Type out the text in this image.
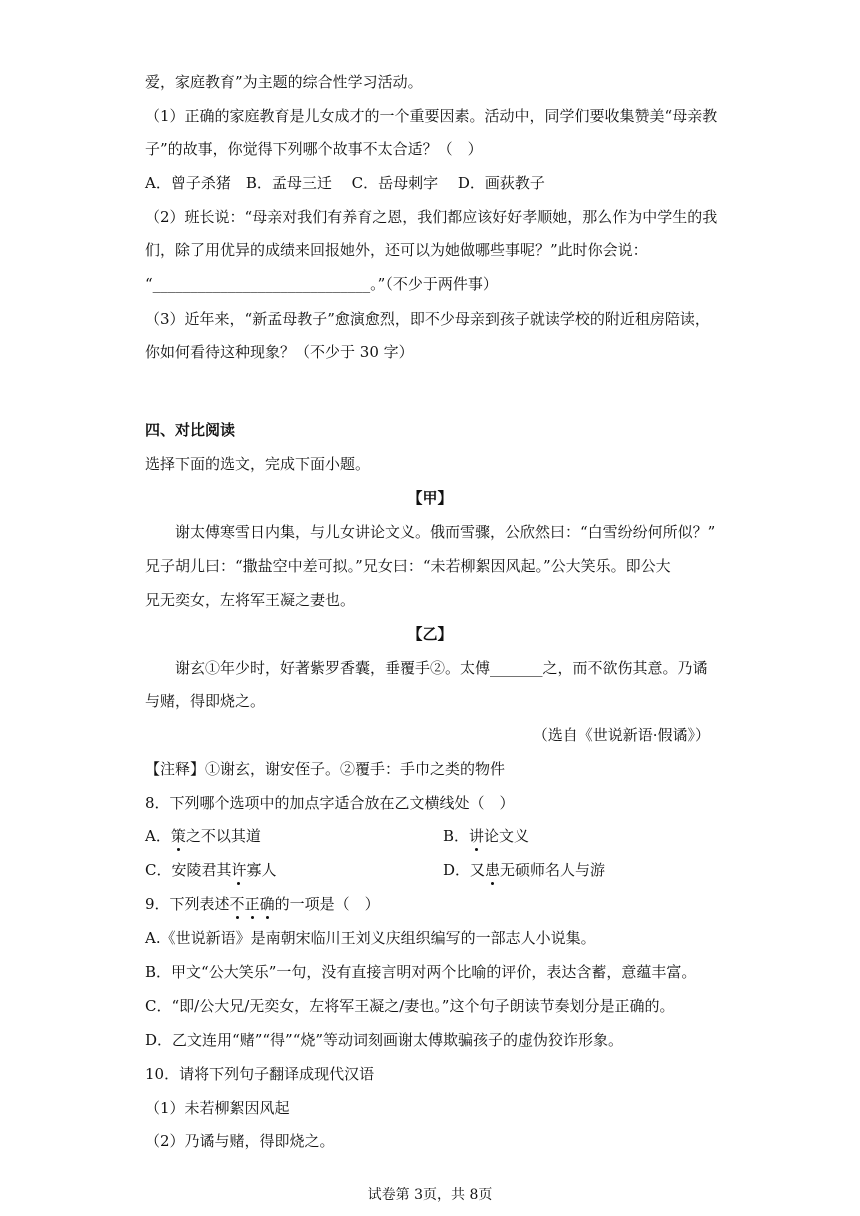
爱，家庭教育”为主题的综合性学习活动。
（1）正确的家庭教育是儿女成才的一个重要因素。活动中，同学们要收集赞美“母亲教
子”的故事，你觉得下列哪个故事不太合适？（　）
A．曾子杀猪　B．孟母三迁　 C．岳母刺字　 D．画荻教子
（2）班长说：“母亲对我们有养育之恩，我们都应该好好孝顺她，那么作为中学生的我
们，除了用优异的成绩来回报她外，还可以为她做哪些事呢？”此时你会说：
“_____________________________。”（不少于两件事）
（3）近年来，“新孟母教子”愈演愈烈，即不少母亲到孩子就读学校的附近租房陪读，
你如何看待这种现象？（不少于 30 字）
四、对比阅读
选择下面的选文，完成下面小题。
【甲】
谢太傅寒雪日内集，与儿女讲论文义。俄而雪骤，公欣然曰：“白雪纷纷何所似？”
兄子胡儿曰：“撒盐空中差可拟。”兄女曰：“未若柳絮因风起。”公大笑乐。即公大
兄无奕女，左将军王凝之妻也。
【乙】
谢玄①年少时，好著紫罗香囊，垂覆手②。太傅_______之，而不欲伤其意。乃谲
与赌，得即烧之。
（选自《世说新语·假谲》）
【注释】①谢玄，谢安侄子。②覆手：手巾之类的物件
8．下列哪个选项中的加点字适合放在乙文横线处（　）
A．策之不以其道	B．讲论文义
C．安陵君其许寡人	D．又患无硕师名人与游
9．下列表述不正确的一项是（　）
A.《世说新语》是南朝宋临川王刘义庆组织编写的一部志人小说集。
B．甲文“公大笑乐”一句，没有直接言明对两个比喻的评价，表达含蓄，意蕴丰富。
C．“即/公大兄/无奕女，左将军王凝之/妻也。”这个句子朗读节奏划分是正确的。
D．乙文连用“赌”“得”“烧”等动词刻画谢太傅欺骗孩子的虚伪狡诈形象。
10．请将下列句子翻译成现代汉语
（1）未若柳絮因风起
（2）乃谲与赌，得即烧之。
试卷第 3页，共 8页
